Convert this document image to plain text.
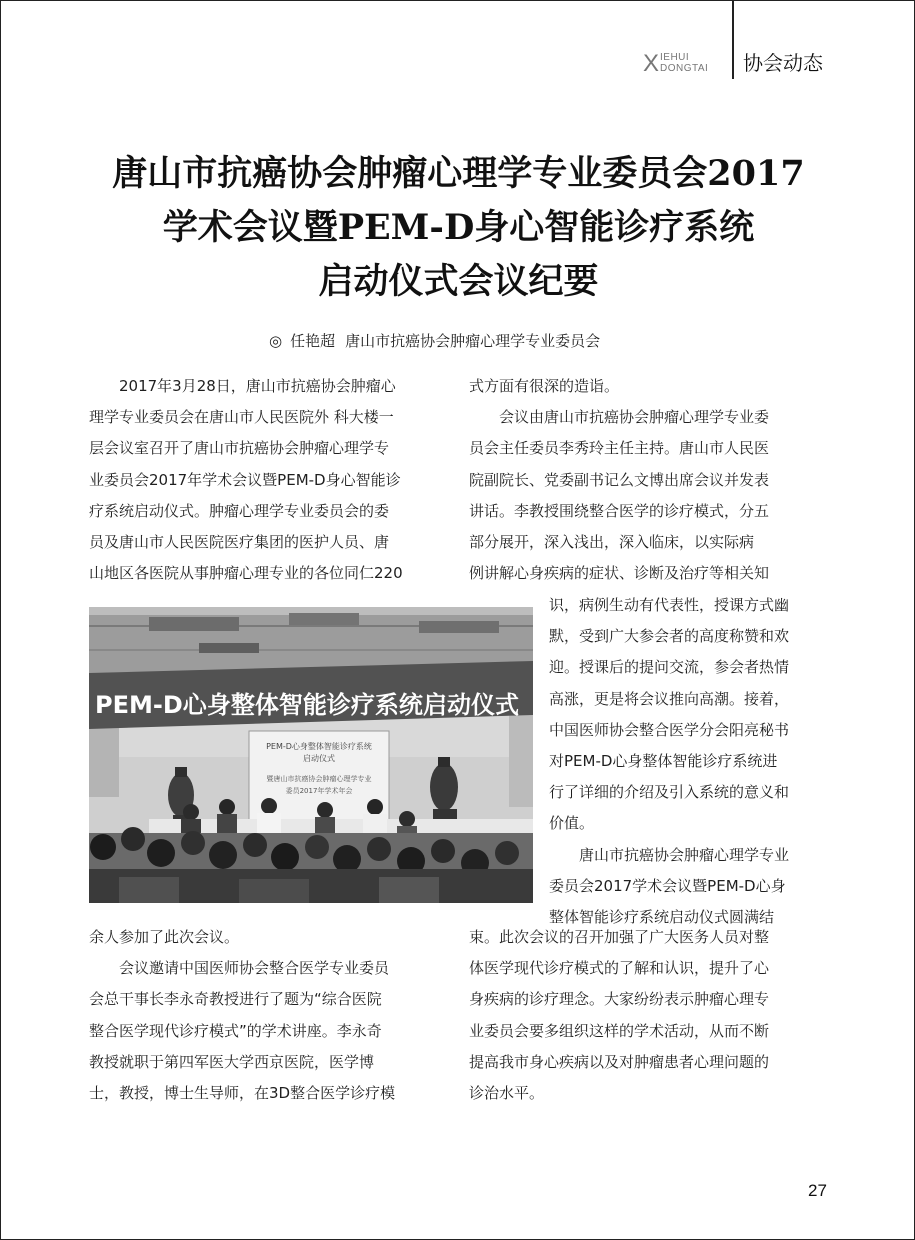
X IEHUI
DONGTAI 协会动态
唐山市抗癌协会肿瘤心理学专业委员会2017
学术会议暨PEM-D身心智能诊疗系统
启动仪式会议纪要
◎ 任艳超 唐山市抗癌协会肿瘤心理学专业委员会
　　2017年3月28日，唐山市抗癌协会肿瘤心
理学专业委员会在唐山市人民医院外 科大楼一
层会议室召开了唐山市抗癌协会肿瘤心理学专
业委员会2017年学术会议暨PEM-D身心智能诊
疗系统启动仪式。肿瘤心理学专业委员会的委
员及唐山市人民医院医疗集团的医护人员、唐
山地区各医院从事肿瘤心理专业的各位同仁220
PEM-D心身整体智能诊疗系统启动仪式
PEM-D心身整体智能诊疗系统
启动仪式
暨唐山市抗癌协会肿瘤心理学专业
委员2017年学术年会
余人参加了此次会议。
　　会议邀请中国医师协会整合医学专业委员
会总干事长李永奇教授进行了题为“综合医院
整合医学现代诊疗模式”的学术讲座。李永奇
教授就职于第四军医大学西京医院，医学博
士，教授，博士生导师，在3D整合医学诊疗模
式方面有很深的造诣。
　　会议由唐山市抗癌协会肿瘤心理学专业委
员会主任委员李秀玲主任主持。唐山市人民医
院副院长、党委副书记么文博出席会议并发表
讲话。李教授围绕整合医学的诊疗模式，分五
部分展开，深入浅出，深入临床，以实际病
例讲解心身疾病的症状、诊断及治疗等相关知
识，病例生动有代表性，授课方式幽
默，受到广大参会者的高度称赞和欢
迎。授课后的提问交流，参会者热情
高涨，更是将会议推向高潮。接着，
中国医师协会整合医学分会阳亮秘书
对PEM-D心身整体智能诊疗系统进
行了详细的介绍及引入系统的意义和
价值。
　　唐山市抗癌协会肿瘤心理学专业
委员会2017学术会议暨PEM-D心身
整体智能诊疗系统启动仪式圆满结
束。此次会议的召开加强了广大医务人员对整
体医学现代诊疗模式的了解和认识，提升了心
身疾病的诊疗理念。大家纷纷表示肿瘤心理专
业委员会要多组织这样的学术活动，从而不断
提高我市身心疾病以及对肿瘤患者心理问题的
诊治水平。
27
